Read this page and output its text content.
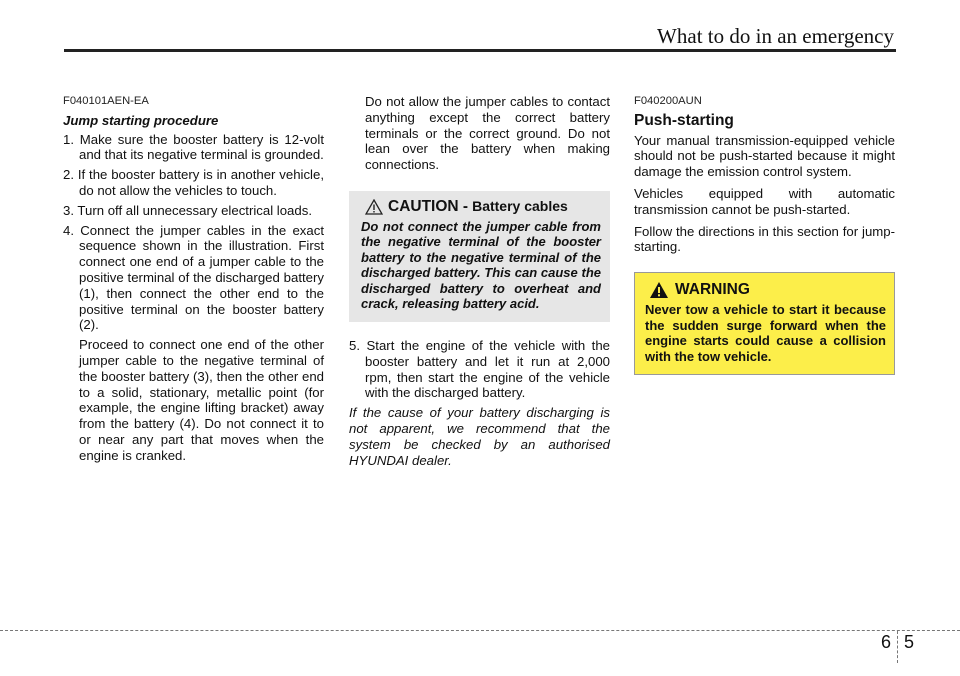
What to do in an emergency
F040101AEN-EA
Jump starting procedure
1. Make sure the booster battery is 12-volt and that its negative terminal is grounded.
2. If the booster battery is in another vehicle, do not allow the vehicles to touch.
3. Turn off all unnecessary electrical loads.
4. Connect the jumper cables in the exact sequence shown in the illustration. First connect one end of a jumper cable to the positive terminal of the discharged battery (1), then connect the other end to the positive terminal on the booster battery (2).

Proceed to connect one end of the other jumper cable to the negative terminal of the booster battery (3), then the other end to a solid, stationary, metallic point (for example, the engine lifting bracket) away from the battery (4). Do not connect it to or near any part that moves when the engine is cranked.

Do not allow the jumper cables to contact anything except the correct battery terminals or the correct ground. Do not lean over the battery when making connections.

CAUTION - Battery cables

Do not connect the jumper cable from the negative terminal of the booster battery to the negative terminal of the discharged battery. This can cause the discharged battery to overheat and crack, releasing battery acid.

5. Start the engine of the vehicle with the booster battery and let it run at 2,000 rpm, then start the engine of the vehicle with the discharged battery.

If the cause of your battery discharging is not apparent, we recommend that the system be checked by an authorised HYUNDAI dealer.

F040200AUN
Push-starting

Your manual transmission-equipped vehicle should not be push-started because it might damage the emission control system.

Vehicles equipped with automatic transmission cannot be push-started.

Follow the directions in this section for jump-starting.

WARNING

Never tow a vehicle to start it because the sudden surge forward when the engine starts could cause a collision with the tow vehicle.

6 5
